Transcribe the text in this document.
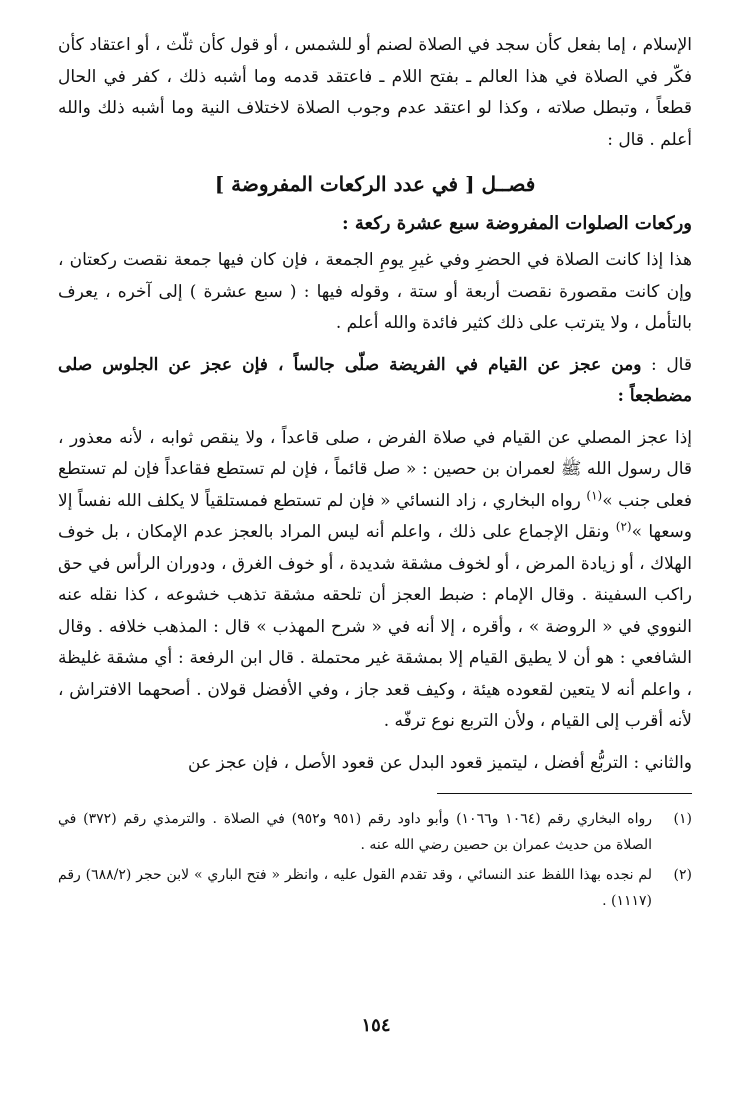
الإسلام ، إما بفعل كأن سجد في الصلاة لصنم أو للشمس ، أو قول كأن ثلّث ، أو اعتقاد كأن فكّر في الصلاة في هذا العالم ـ بفتح اللام ـ فاعتقد قدمه وما أشبه ذلك ، كفر في الحال قطعاً ، وتبطل صلاته ، وكذا لو اعتقد عدم وجوب الصلاة لاختلاف النية وما أشبه ذلك والله أعلم . قال :

فصــل [ في عدد الركعات المفروضة ]

وركعات الصلوات المفروضة سبع عشرة ركعة :

هذا إذا كانت الصلاة في الحضرِ وفي غيرِ يومِ الجمعة ، فإن كان فيها جمعة نقصت ركعتان ، وإن كانت مقصورة نقصت أربعة أو ستة ، وقوله فيها : ( سبع عشرة ) إلى آخره ، يعرف بالتأمل ، ولا يترتب على ذلك كثير فائدة والله أعلم .

قال : ومن عجز عن القيام في الفريضة صلّى جالساً ، فإن عجز عن الجلوس صلى مضطجعاً :

إذا عجز المصلي عن القيام في صلاة الفرض ، صلى قاعداً ، ولا ينقص ثوابه ، لأنه معذور ، قال رسول الله ﷺ لعمران بن حصين : « صل قائماً ، فإن لم تستطع فقاعداً فإن لم تستطع فعلى جنب »$^{(١)}$ رواه البخاري ، زاد النسائي « فإن لم تستطع فمستلقياً لا يكلف الله نفساً إلا وسعها »$^{(٢)}$ ونقل الإجماع على ذلك ، واعلم أنه ليس المراد بالعجز عدم الإمكان ، بل خوف الهلاك ، أو زيادة المرض ، أو لخوف مشقة شديدة ، أو خوف الغرق ، ودوران الرأس في حق راكب السفينة . وقال الإمام : ضبط العجز أن تلحقه مشقة تذهب خشوعه ، كذا نقله عنه النووي في « الروضة » ، وأقره ، إلا أنه في « شرح المهذب » قال : المذهب خلافه . وقال الشافعي : هو أن لا يطيق القيام إلا بمشقة غير محتملة . قال ابن الرفعة : أي مشقة غليظة ، واعلم أنه لا يتعين لقعوده هيئة ، وكيف قعد جاز ، وفي الأفضل قولان . أصحهما الافتراش ، لأنه أقرب إلى القيام ، ولأن التربع نوع ترفّه .

والثاني : التربُّع أفضل ، ليتميز قعود البدل عن قعود الأصل ، فإن عجز عن

(١)
رواه البخاري رقم (١٠٦٤ و١٠٦٦) وأبو داود رقم (٩٥١ و٩٥٢) في الصلاة . والترمذي رقم (٣٧٢) في الصلاة من حديث عمران بن حصين رضي الله عنه .
(٢)
لم نجده بهذا اللفظ عند النسائي ، وقد تقدم القول عليه ، وانظر « فتح الباري » لابن حجر (٦٨٨/٢) رقم (١١١٧) .
١٥٤
